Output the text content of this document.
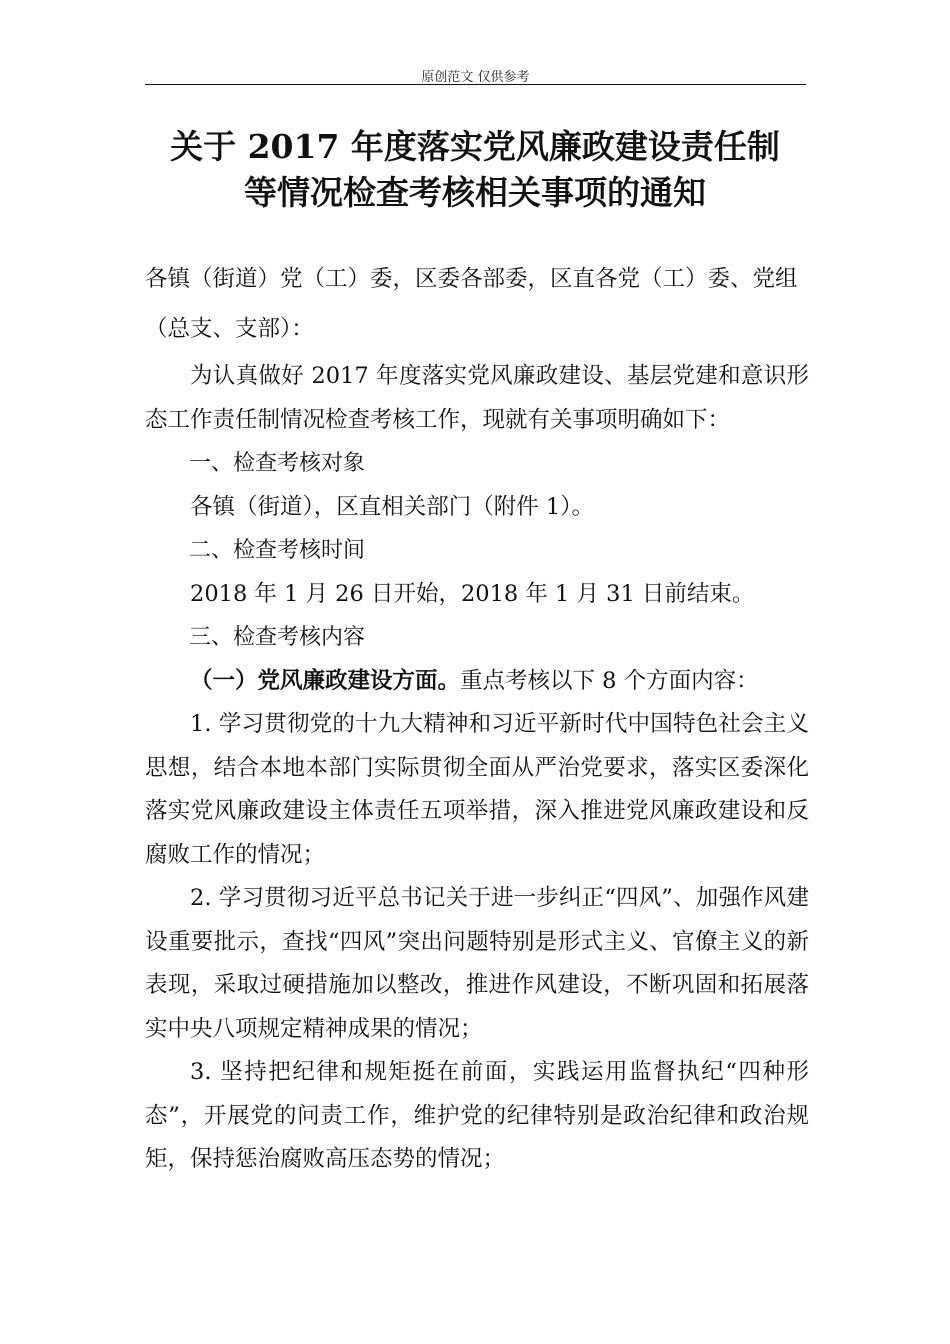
原创范文 仅供参考
关于 2017 年度落实党风廉政建设责任制
等情况检查考核相关事项的通知

各镇（街道）党（工）委，区委各部委，区直各党（工）委、党组

（总支、支部）：

为认真做好 2017 年度落实党风廉政建设、基层党建和意识形态工作责任制情况检查考核工作，现就有关事项明确如下：

一、检查考核对象

各镇（街道），区直相关部门（附件 1）。

二、检查考核时间

2018 年 1 月 26 日开始，2018 年 1 月 31 日前结束。

三、检查考核内容

（一）党风廉政建设方面。重点考核以下 8 个方面内容：

1. 学习贯彻党的十九大精神和习近平新时代中国特色社会主义思想，结合本地本部门实际贯彻全面从严治党要求，落实区委深化落实党风廉政建设主体责任五项举措，深入推进党风廉政建设和反腐败工作的情况；

2. 学习贯彻习近平总书记关于进一步纠正“四风”、加强作风建设重要批示，查找“四风”突出问题特别是形式主义、官僚主义的新表现，采取过硬措施加以整改，推进作风建设，不断巩固和拓展落实中央八项规定精神成果的情况；

3. 坚持把纪律和规矩挺在前面，实践运用监督执纪“四种形态”，开展党的问责工作，维护党的纪律特别是政治纪律和政治规矩，保持惩治腐败高压态势的情况；
